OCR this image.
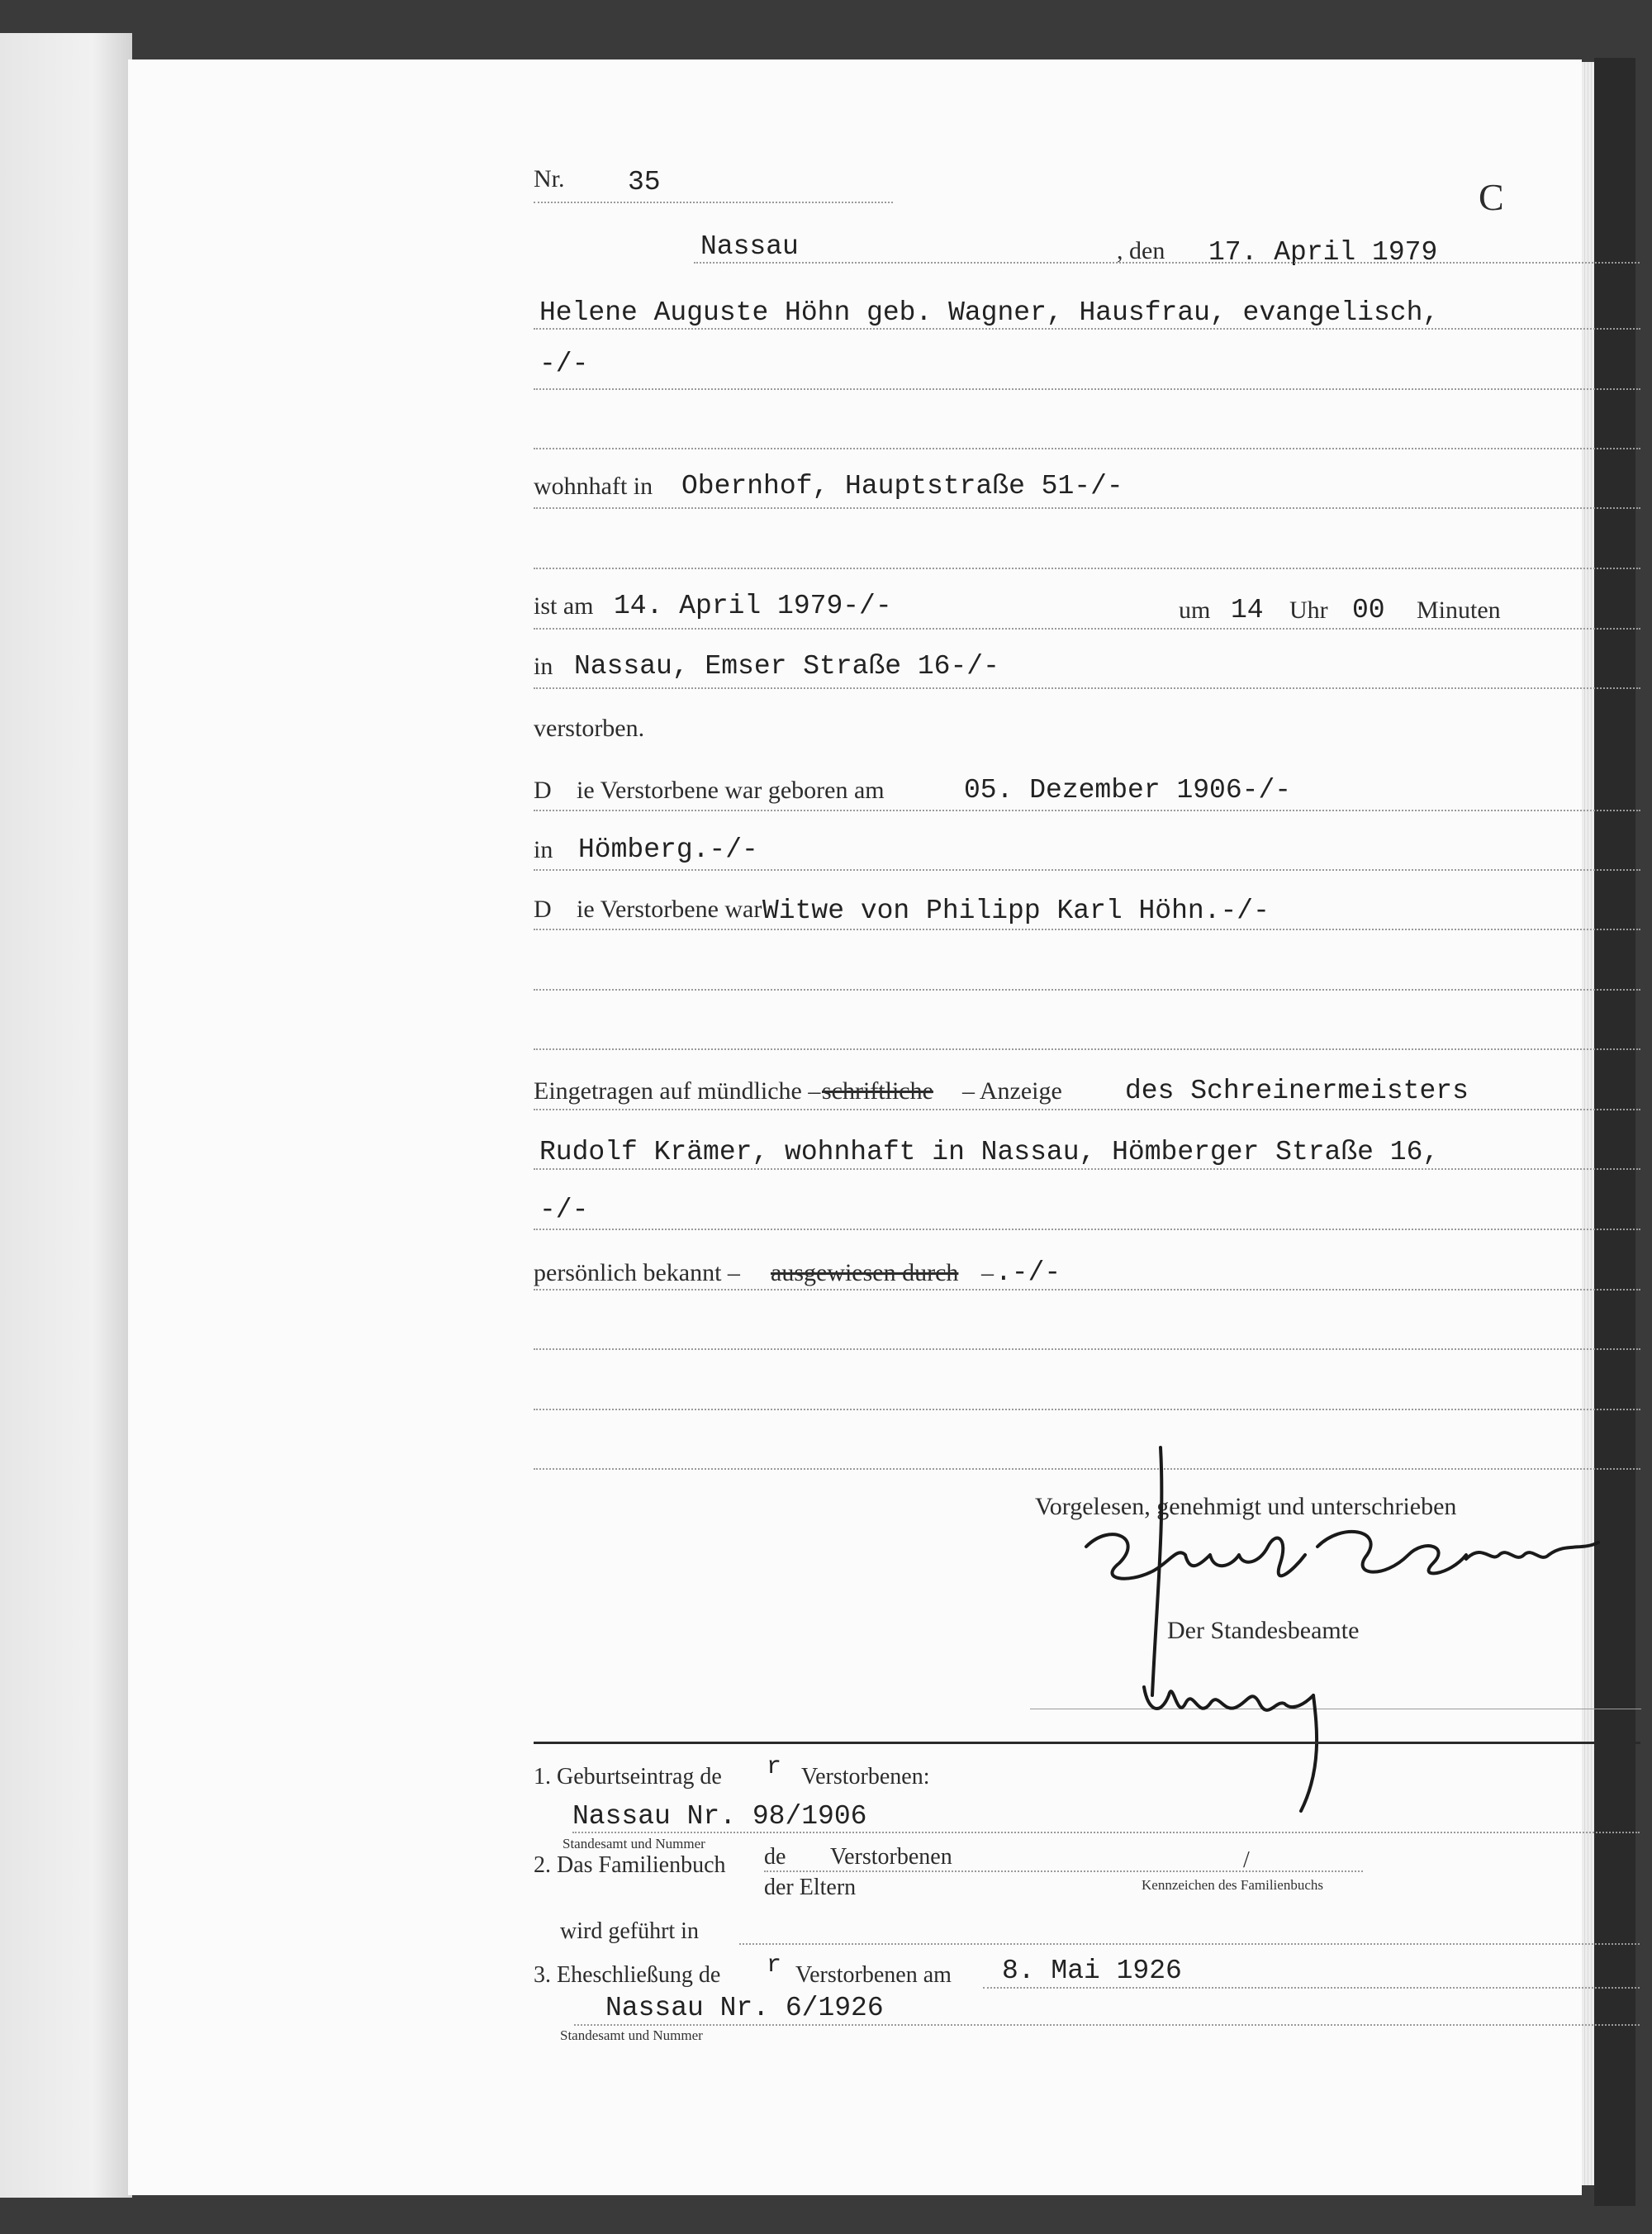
Nr. 35	C
Nassau	, den 17. April 1979
Helene Auguste Höhn geb. Wagner, Hausfrau, evangelisch,
-/-
wohnhaft in Obernhof, Hauptstraße 51-/-
ist am 14. April 1979-/-	um 14 Uhr 00 Minuten
in Nassau, Emser Straße 16-/-
verstorben.
D ie Verstorbene war geboren am	05. Dezember 1906-/-
in Hömberg.-/-
D ie Verstorbene war Witwe von Philipp Karl Höhn.-/-
Eingetragen auf mündliche – schriftliche – Anzeige des Schreinermeisters
Rudolf Krämer, wohnhaft in Nassau, Hömberger Straße 16,
-/-
persönlich bekannt – ausgewiesen durch – .-/-
Vorgelesen, genehmigt und unterschrieben
Der Standesbeamte
1. Geburtseintrag de r Verstorbenen:
Nassau Nr. 98/1906
Standesamt und Nummer
2. Das Familienbuch de Verstorbenen	/
der Eltern	Kennzeichen des Familienbuchs
wird geführt in
3. Eheschließung de r Verstorbenen am 8. Mai 1926
Nassau Nr. 6/1926
Standesamt und Nummer
